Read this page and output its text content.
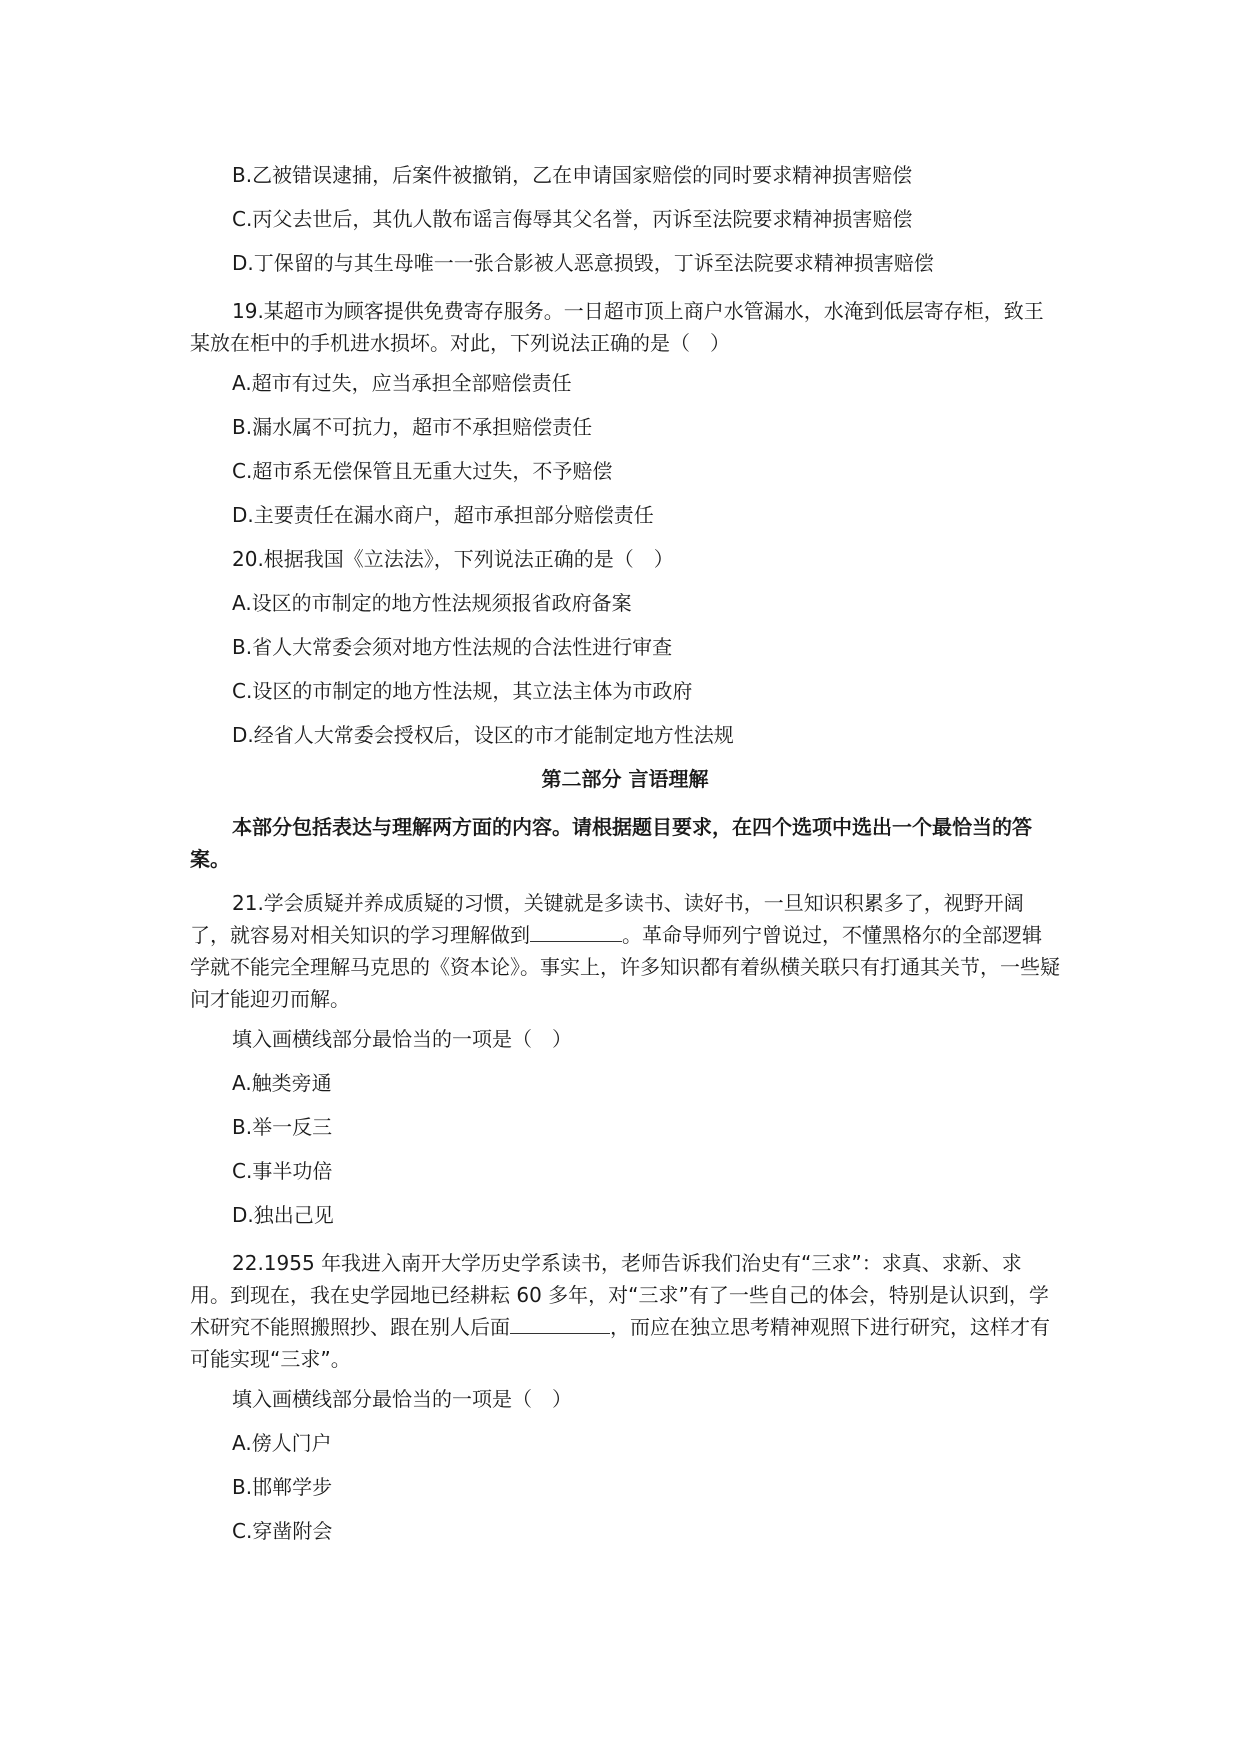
B.乙被错误逮捕，后案件被撤销，乙在申请国家赔偿的同时要求精神损害赔偿
C.丙父去世后，其仇人散布谣言侮辱其父名誉，丙诉至法院要求精神损害赔偿
D.丁保留的与其生母唯一一张合影被人恶意损毁，丁诉至法院要求精神损害赔偿
19.某超市为顾客提供免费寄存服务。一日超市顶上商户水管漏水，水淹到低层寄存柜，致王某放在柜中的手机进水损坏。对此，下列说法正确的是（　）
A.超市有过失，应当承担全部赔偿责任
B.漏水属不可抗力，超市不承担赔偿责任
C.超市系无偿保管且无重大过失，不予赔偿
D.主要责任在漏水商户，超市承担部分赔偿责任
20.根据我国《立法法》，下列说法正确的是（　）
A.设区的市制定的地方性法规须报省政府备案
B.省人大常委会须对地方性法规的合法性进行审查
C.设区的市制定的地方性法规，其立法主体为市政府
D.经省人大常委会授权后，设区的市才能制定地方性法规
第二部分 言语理解
本部分包括表达与理解两方面的内容。请根据题目要求，在四个选项中选出一个最恰当的答案。
21.学会质疑并养成质疑的习惯，关键就是多读书、读好书，一旦知识积累多了，视野开阔了，就容易对相关知识的学习理解做到	。革命导师列宁曾说过，不懂黑格尔的全部逻辑学就不能完全理解马克思的《资本论》。事实上，许多知识都有着纵横关联只有打通其关节，一些疑问才能迎刃而解。
填入画横线部分最恰当的一项是（　）
A.触类旁通
B.举一反三
C.事半功倍
D.独出己见
22.1955 年我进入南开大学历史学系读书，老师告诉我们治史有“三求”：求真、求新、求用。到现在，我在史学园地已经耕耘 60 多年，对“三求”有了一些自己的体会，特别是认识到，学术研究不能照搬照抄、跟在别人后面	，而应在独立思考精神观照下进行研究，这样才有可能实现“三求”。
填入画横线部分最恰当的一项是（　）
A.傍人门户
B.邯郸学步
C.穿凿附会
